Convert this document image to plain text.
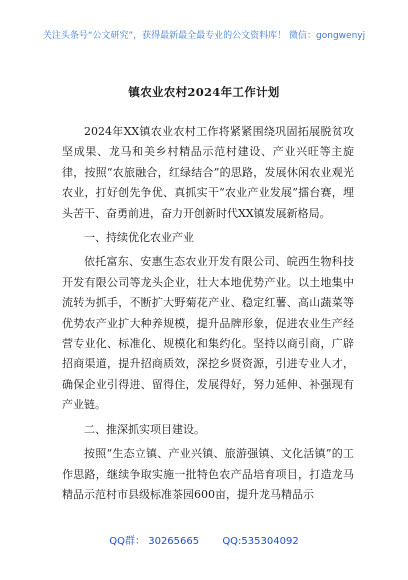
关注头条号“公文研究”，获得最新最全最专业的公文资料库！ 微信：gongwenyj
镇农业农村2024年工作计划

2024年XX镇农业农村工作将紧紧围绕巩固拓展脱贫攻坚成果、龙马和美乡村精品示范村建设、产业兴旺等主旋律，按照“农旅融合，红绿结合”的思路，发展休闲农业观光农业，打好创先争优、真抓实干“农业产业发展”擂台赛，埋头苦干、奋勇前进，奋力开创新时代XX镇发展新格局。

一、持续优化农业产业

依托富东、安惠生态农业开发有限公司、皖西生物科技开发有限公司等龙头企业，壮大本地优势产业。以土地集中流转为抓手，不断扩大野菊花产业、稳定红薯、高山蔬菜等优势农产业扩大种养规模，提升品牌形象，促进农业生产经营专业化、标准化、规模化和集约化。坚持以商引商，广辟招商渠道，提升招商质效，深挖乡贤资源，引进专业人才，确保企业引得进、留得住，发展得好，努力延伸、补强现有产业链。

二、推深抓实项目建设。

按照“生态立镇、产业兴镇、旅游强镇、文化活镇”的工作思路，继续争取实施一批特色农产品培育项目，打造龙马精品示范村市县级标准茶园600亩，提升龙马精品示

QQ群： 30265665 QQ:535304092
